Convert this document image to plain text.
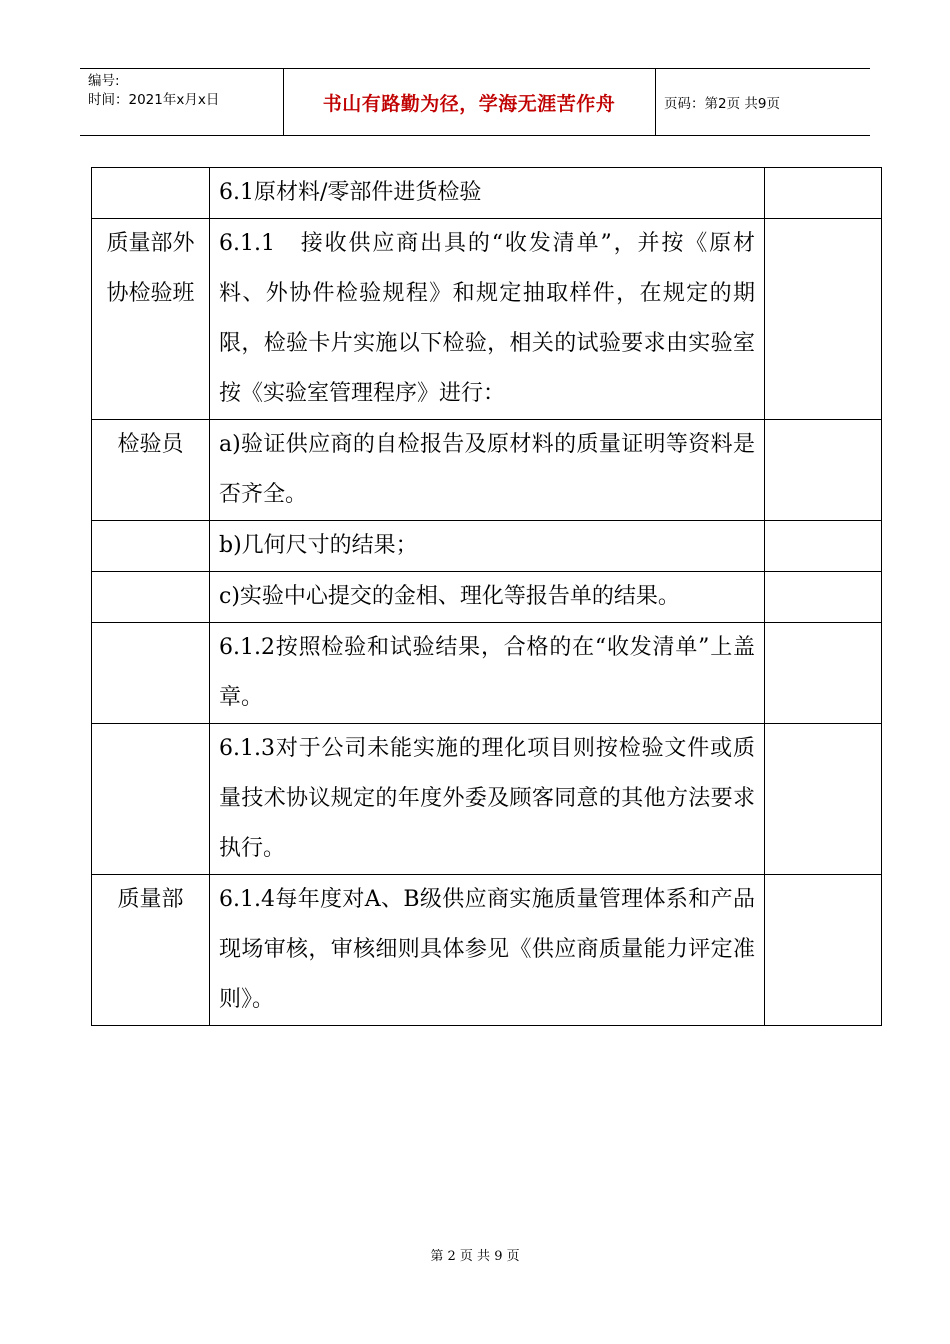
编号:
时间：2021年x月x日	书山有路勤为径，学海无涯苦作舟	页码：第2页 共9页

	6.1原材料/零部件进货检验	

质量部外协检验班	6.1.1　接收供应商出具的“收发清单”，并按《原材料、外协件检验规程》和规定抽取样件，在规定的期限，检验卡片实施以下检验，相关的试验要求由实验室按《实验室管理程序》进行：	

检验员	a)验证供应商的自检报告及原材料的质量证明等资料是否齐全。	

	b)几何尺寸的结果；	

	c)实验中心提交的金相、理化等报告单的结果。	

	6.1.2按照检验和试验结果，合格的在“收发清单”上盖章。	

	6.1.3对于公司未能实施的理化项目则按检验文件或质量技术协议规定的年度外委及顾客同意的其他方法要求执行。	

质量部	6.1.4每年度对A、B级供应商实施质量管理体系和产品现场审核，审核细则具体参见《供应商质量能力评定准则》。	

第 2 页 共 9 页
